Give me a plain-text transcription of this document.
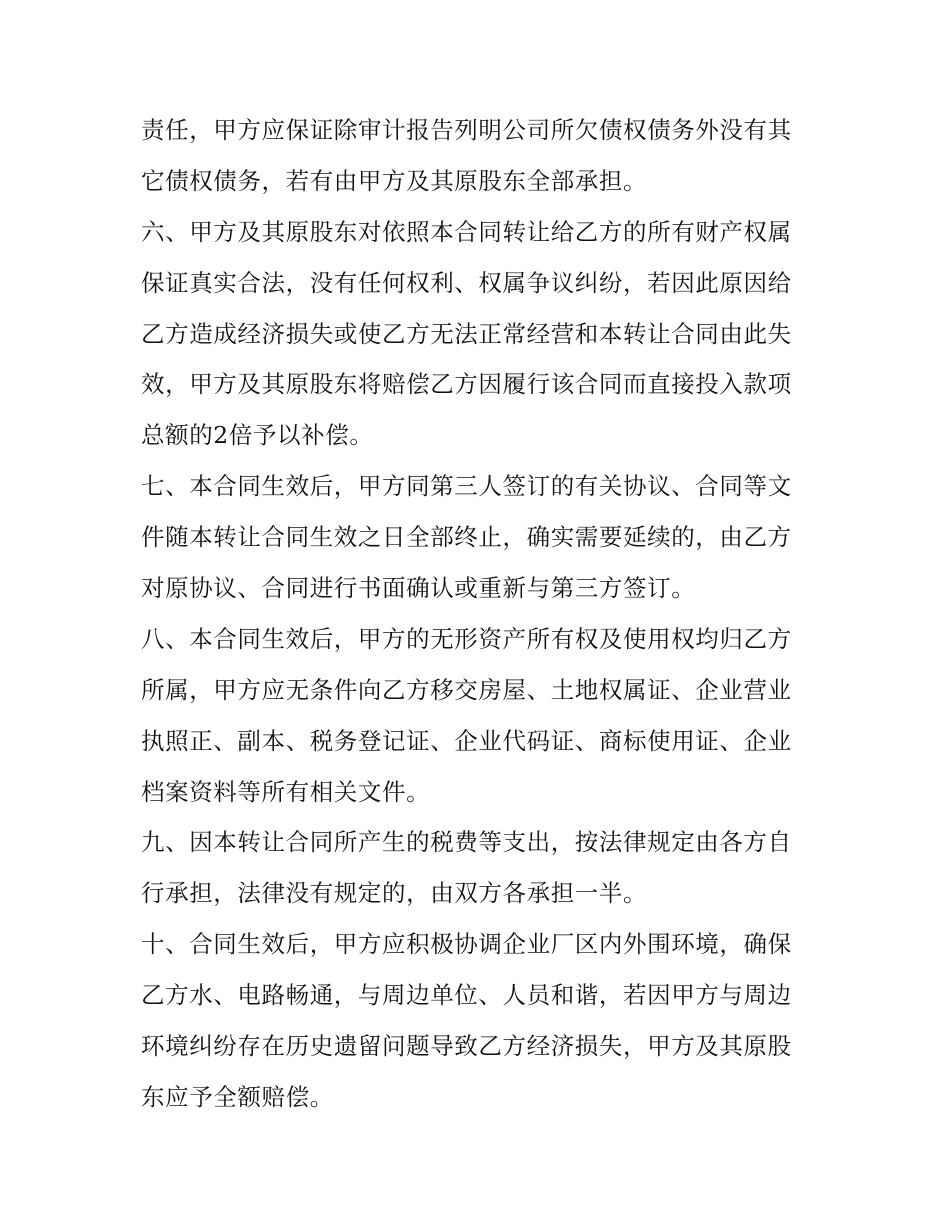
责任，甲方应保证除审计报告列明公司所欠债权债务外没有其
它债权债务，若有由甲方及其原股东全部承担。
六、甲方及其原股东对依照本合同转让给乙方的所有财产权属
保证真实合法，没有任何权利、权属争议纠纷，若因此原因给
乙方造成经济损失或使乙方无法正常经营和本转让合同由此失
效，甲方及其原股东将赔偿乙方因履行该合同而直接投入款项
总额的2倍予以补偿。
七、本合同生效后，甲方同第三人签订的有关协议、合同等文
件随本转让合同生效之日全部终止，确实需要延续的，由乙方
对原协议、合同进行书面确认或重新与第三方签订。
八、本合同生效后，甲方的无形资产所有权及使用权均归乙方
所属，甲方应无条件向乙方移交房屋、土地权属证、企业营业
执照正、副本、税务登记证、企业代码证、商标使用证、企业
档案资料等所有相关文件。
九、因本转让合同所产生的税费等支出，按法律规定由各方自
行承担，法律没有规定的，由双方各承担一半。
十、合同生效后，甲方应积极协调企业厂区内外围环境，确保
乙方水、电路畅通，与周边单位、人员和谐，若因甲方与周边
环境纠纷存在历史遗留问题导致乙方经济损失，甲方及其原股
东应予全额赔偿。
